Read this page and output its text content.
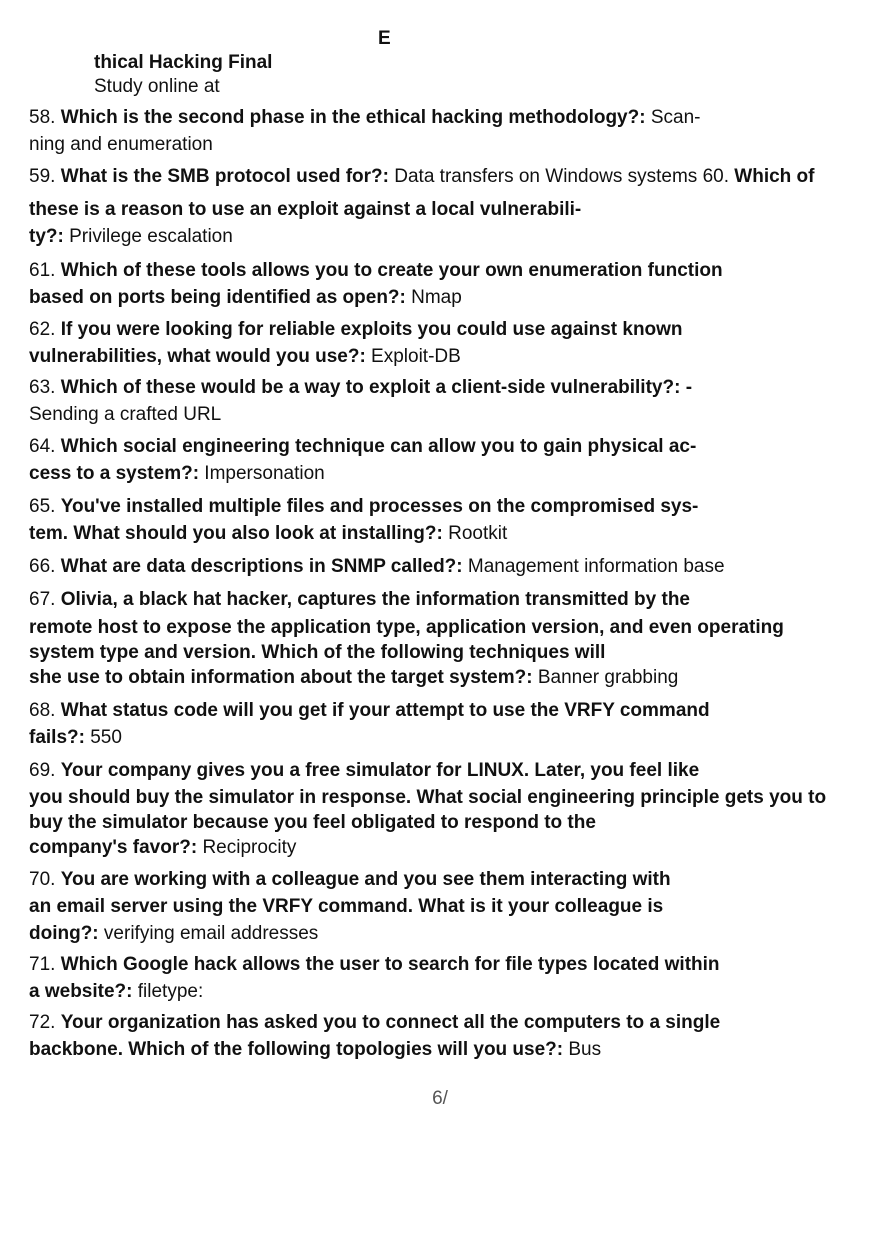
E
thical Hacking Final
Study online at
58. Which is the second phase in the ethical hacking methodology?: Scan-
ning and enumeration
59. What is the SMB protocol used for?: Data transfers on Windows systems 60. Which of
these is a reason to use an exploit against a local vulnerabili-
ty?: Privilege escalation
61. Which of these tools allows you to create your own enumeration function
based on ports being identified as open?: Nmap
62. If you were looking for reliable exploits you could use against known
vulnerabilities, what would you use?: Exploit-DB
63. Which of these would be a way to exploit a client-side vulnerability?: -
Sending a crafted URL
64. Which social engineering technique can allow you to gain physical ac-
cess to a system?: Impersonation
65. You've installed multiple files and processes on the compromised sys-
tem. What should you also look at installing?: Rootkit
66. What are data descriptions in SNMP called?: Management information base
67. Olivia, a black hat hacker, captures the information transmitted by the
remote host to expose the application type, application version, and even operating
system type and version. Which of the following techniques will
she use to obtain information about the target system?: Banner grabbing
68. What status code will you get if your attempt to use the VRFY command
fails?: 550
69. Your company gives you a free simulator for LINUX. Later, you feel like
you should buy the simulator in response. What social engineering principle gets you to
buy the simulator because you feel obligated to respond to the
company's favor?: Reciprocity
70. You are working with a colleague and you see them interacting with
an email server using the VRFY command. What is it your colleague is
doing?: verifying email addresses
71. Which Google hack allows the user to search for file types located within
a website?: filetype:
72. Your organization has asked you to connect all the computers to a single
backbone. Which of the following topologies will you use?: Bus
6/
